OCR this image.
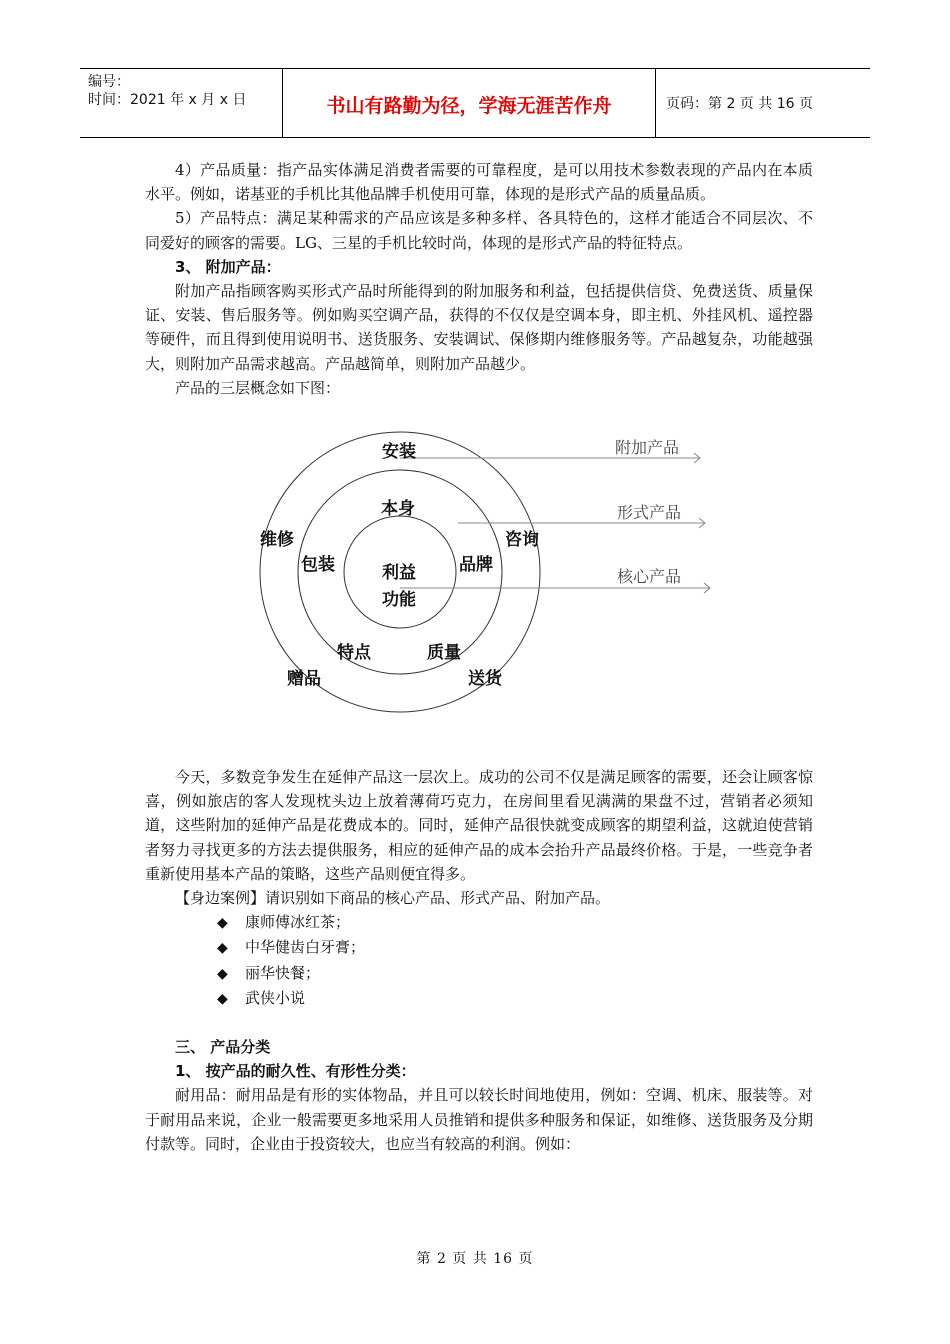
编号：
时间：2021 年 x 月 x 日	书山有路勤为径，学海无涯苦作舟	页码：第 2 页 共 16 页

4）产品质量：指产品实体满足消费者需要的可靠程度，是可以用技术参数表现的产品内在本质水平。例如，诺基亚的手机比其他品牌手机使用可靠，体现的是形式产品的质量品质。

5）产品特点：满足某种需求的产品应该是多种多样、各具特色的，这样才能适合不同层次、不同爱好的顾客的需要。LG、三星的手机比较时尚，体现的是形式产品的特征特点。

3、 附加产品：

附加产品指顾客购买形式产品时所能得到的附加服务和利益，包括提供信贷、免费送货、质量保证、安装、售后服务等。例如购买空调产品，获得的不仅仅是空调本身，即主机、外挂风机、遥控器等硬件，而且得到使用说明书、送货服务、安装调试、保修期内维修服务等。产品越复杂，功能越强大，则附加产品需求越高。产品越简单，则附加产品越少。

产品的三层概念如下图：

附加产品
形式产品
核心产品
安装
维修	咨询
赠品	送货
本身
包装	品牌
特点	质量
利益
功能

今天，多数竞争发生在延伸产品这一层次上。成功的公司不仅是满足顾客的需要，还会让顾客惊喜，例如旅店的客人发现枕头边上放着薄荷巧克力，在房间里看见满满的果盘不过，营销者必须知道，这些附加的延伸产品是花费成本的。同时，延伸产品很快就变成顾客的期望利益，这就迫使营销者努力寻找更多的方法去提供服务，相应的延伸产品的成本会抬升产品最终价格。于是，一些竞争者重新使用基本产品的策略，这些产品则便宜得多。

【身边案例】请识别如下商品的核心产品、形式产品、附加产品。

◆ 康师傅冰红茶；

◆ 中华健齿白牙膏；

◆ 丽华快餐；

◆ 武侠小说

三、 产品分类

1、 按产品的耐久性、有形性分类：

耐用品：耐用品是有形的实体物品，并且可以较长时间地使用，例如：空调、机床、服装等。对于耐用品来说，企业一般需要更多地采用人员推销和提供多种服务和保证，如维修、送货服务及分期付款等。同时，企业由于投资较大，也应当有较高的利润。例如：

第 2 页 共 16 页
